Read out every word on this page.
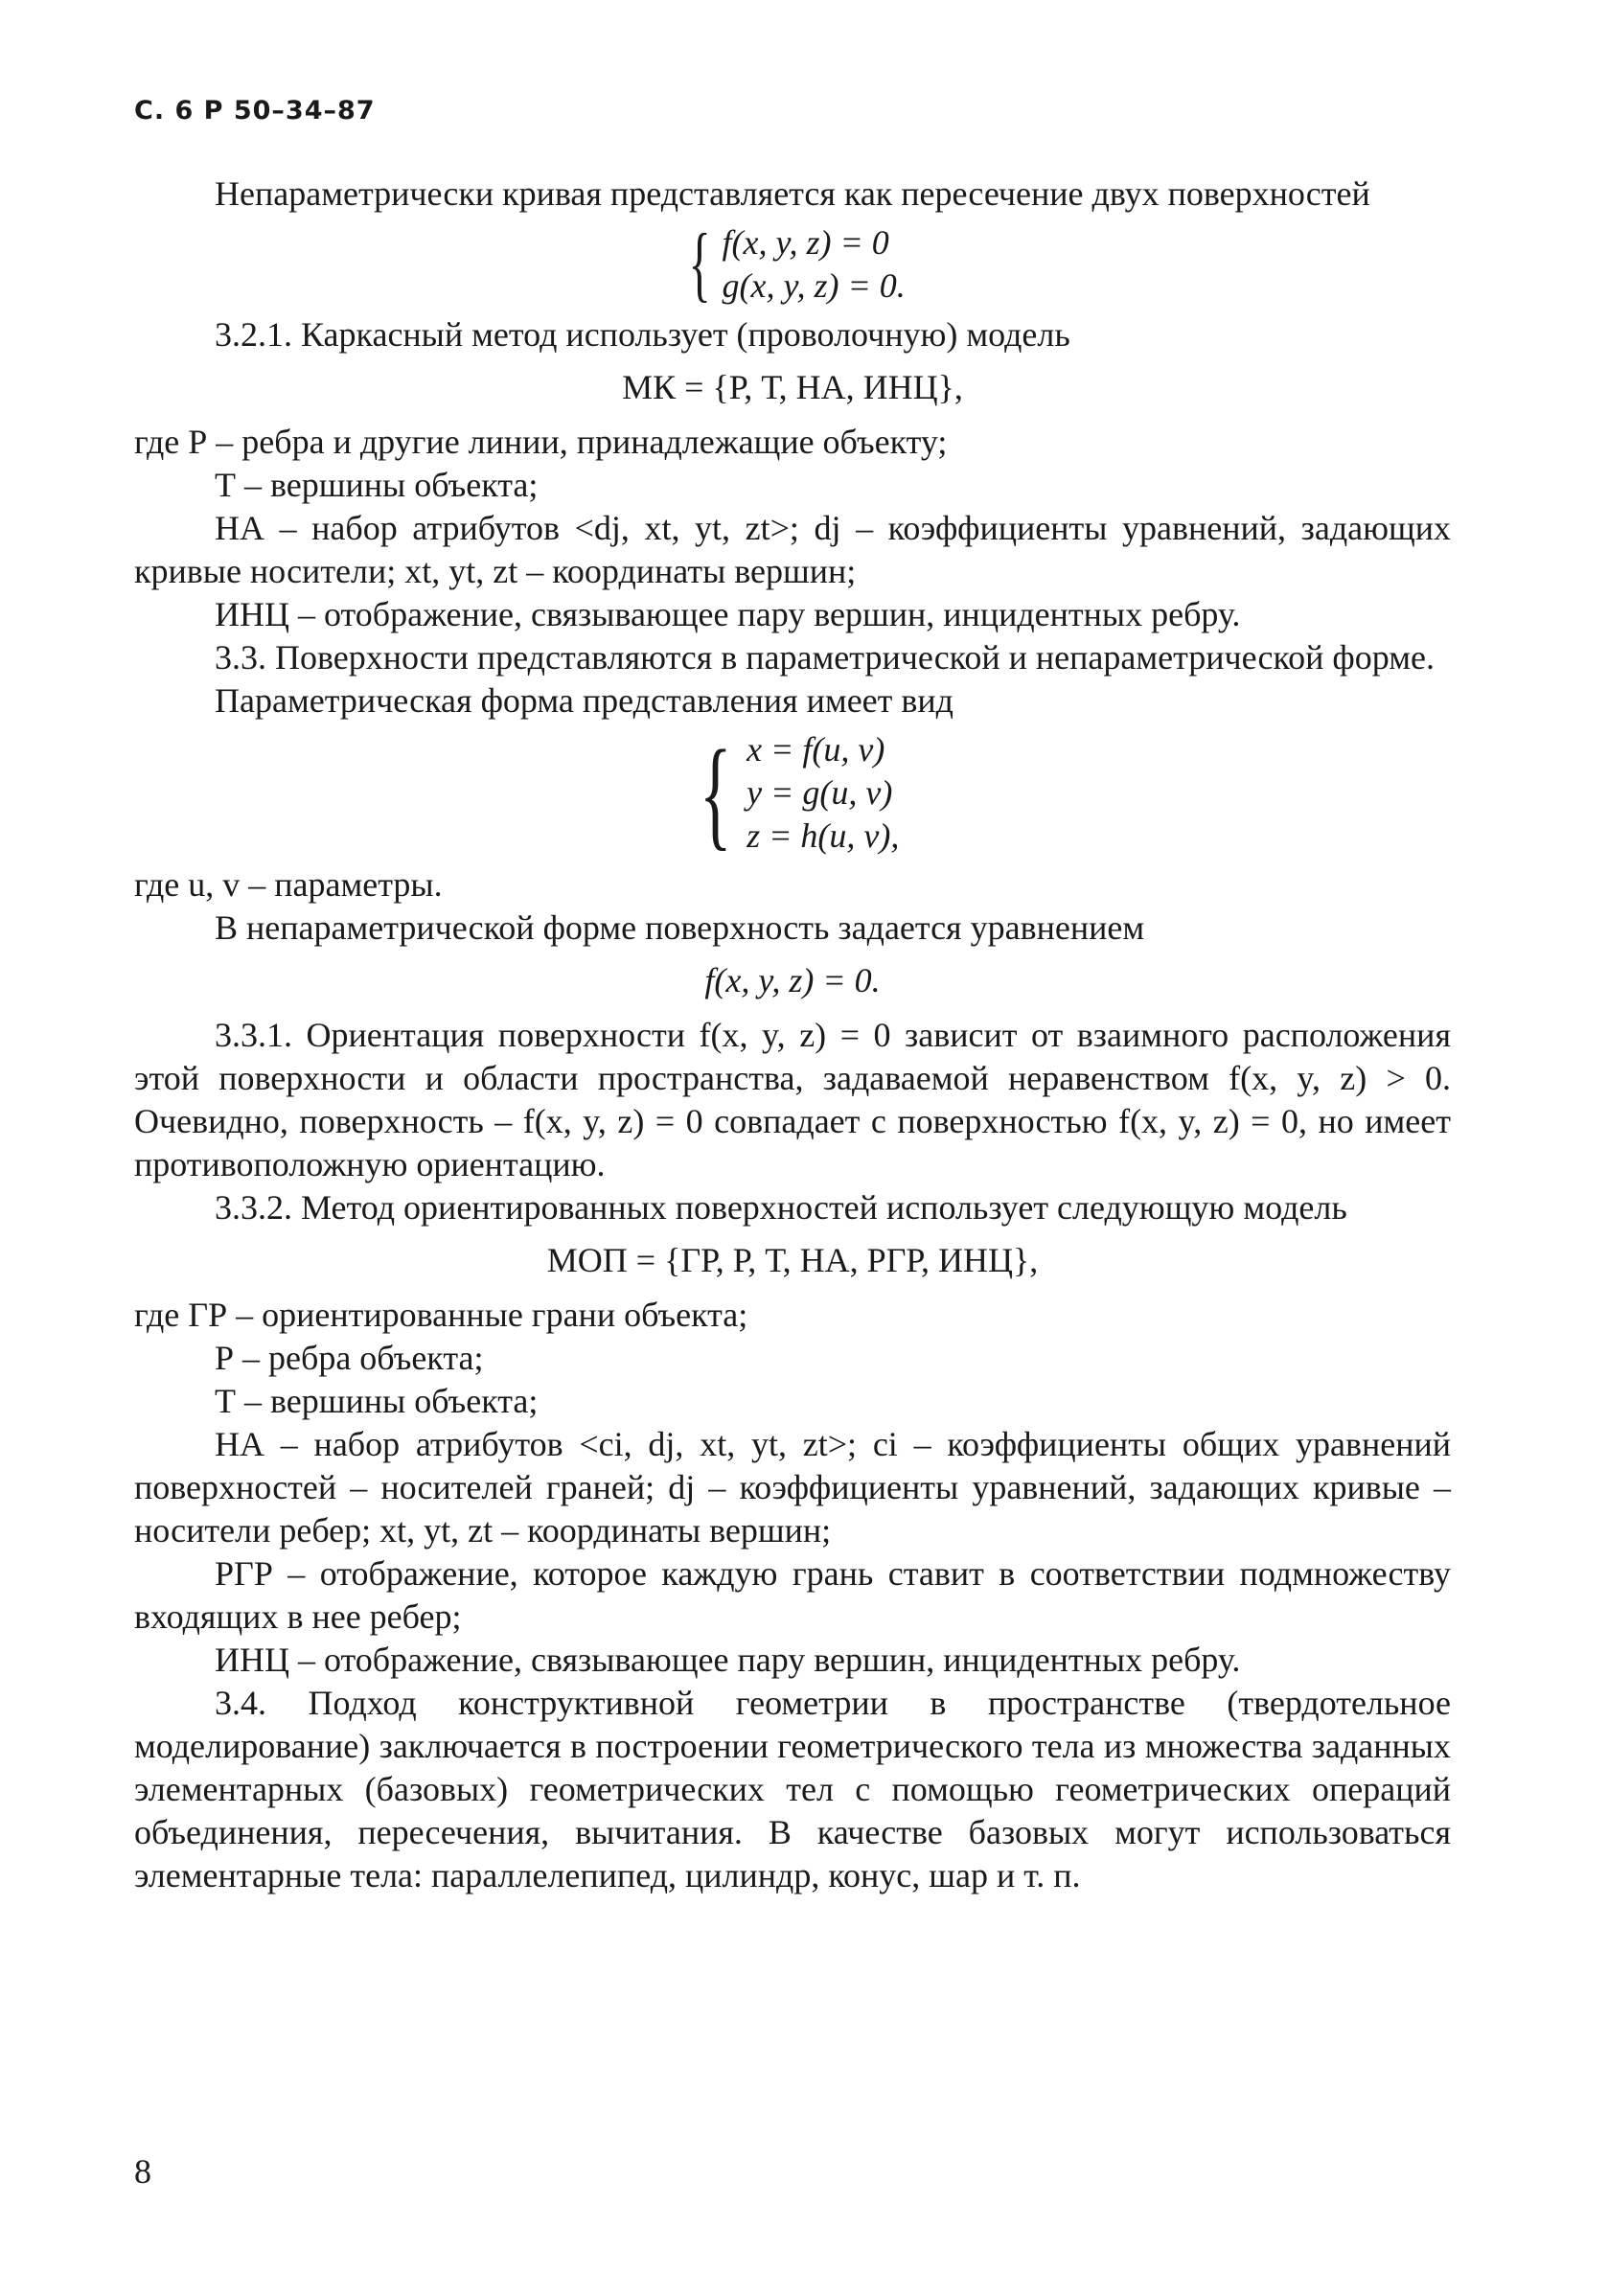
С. 6 Р 50–34–87

Непараметрически кривая представляется как пересечение двух поверхностей

{ f(x, y, z) = 0
g(x, y, z) = 0.

3.2.1. Каркасный метод использует (проволочную) модель

МК = {Р, Т, НА, ИНЦ},

где Р – ребра и другие линии, принадлежащие объекту;

Т – вершины объекта;

НА – набор атрибутов <dj, xt, yt, zt>; dj – коэффициенты уравнений, задающих кривые носители; xt, yt, zt – координаты вершин;

ИНЦ – отображение, связывающее пару вершин, инцидентных ребру.

3.3. Поверхности представляются в параметрической и непараметрической форме.

Параметрическая форма представления имеет вид

{ x = f(u, v)
y = g(u, v)
z = h(u, v),

где u, v – параметры.

В непараметрической форме поверхность задается уравнением

f(x, y, z) = 0.

3.3.1. Ориентация поверхности f(x, y, z) = 0 зависит от взаимного расположения этой поверхности и области пространства, задаваемой неравенством f(x, y, z) > 0. Очевидно, поверхность – f(x, y, z) = 0 совпадает с поверхностью f(x, y, z) = 0, но имеет противоположную ориентацию.

3.3.2. Метод ориентированных поверхностей использует следующую модель

МОП = {ГР, Р, Т, НА, РГР, ИНЦ},

где ГР – ориентированные грани объекта;

Р – ребра объекта;

Т – вершины объекта;

НА – набор атрибутов <ci, dj, xt, yt, zt>; ci – коэффициенты общих уравнений поверхностей – носителей граней; dj – коэффициенты уравнений, задающих кривые – носители ребер; xt, yt, zt – координаты вершин;

РГР – отображение, которое каждую грань ставит в соответствии подмножеству входящих в нее ребер;

ИНЦ – отображение, связывающее пару вершин, инцидентных ребру.

3.4. Подход конструктивной геометрии в пространстве (твердотельное моделирование) заключается в построении геометрического тела из множества заданных элементарных (базовых) геометрических тел с помощью геометрических операций объединения, пересечения, вычитания. В качестве базовых могут использоваться элементарные тела: параллелепипед, цилиндр, конус, шар и т. п.

8
